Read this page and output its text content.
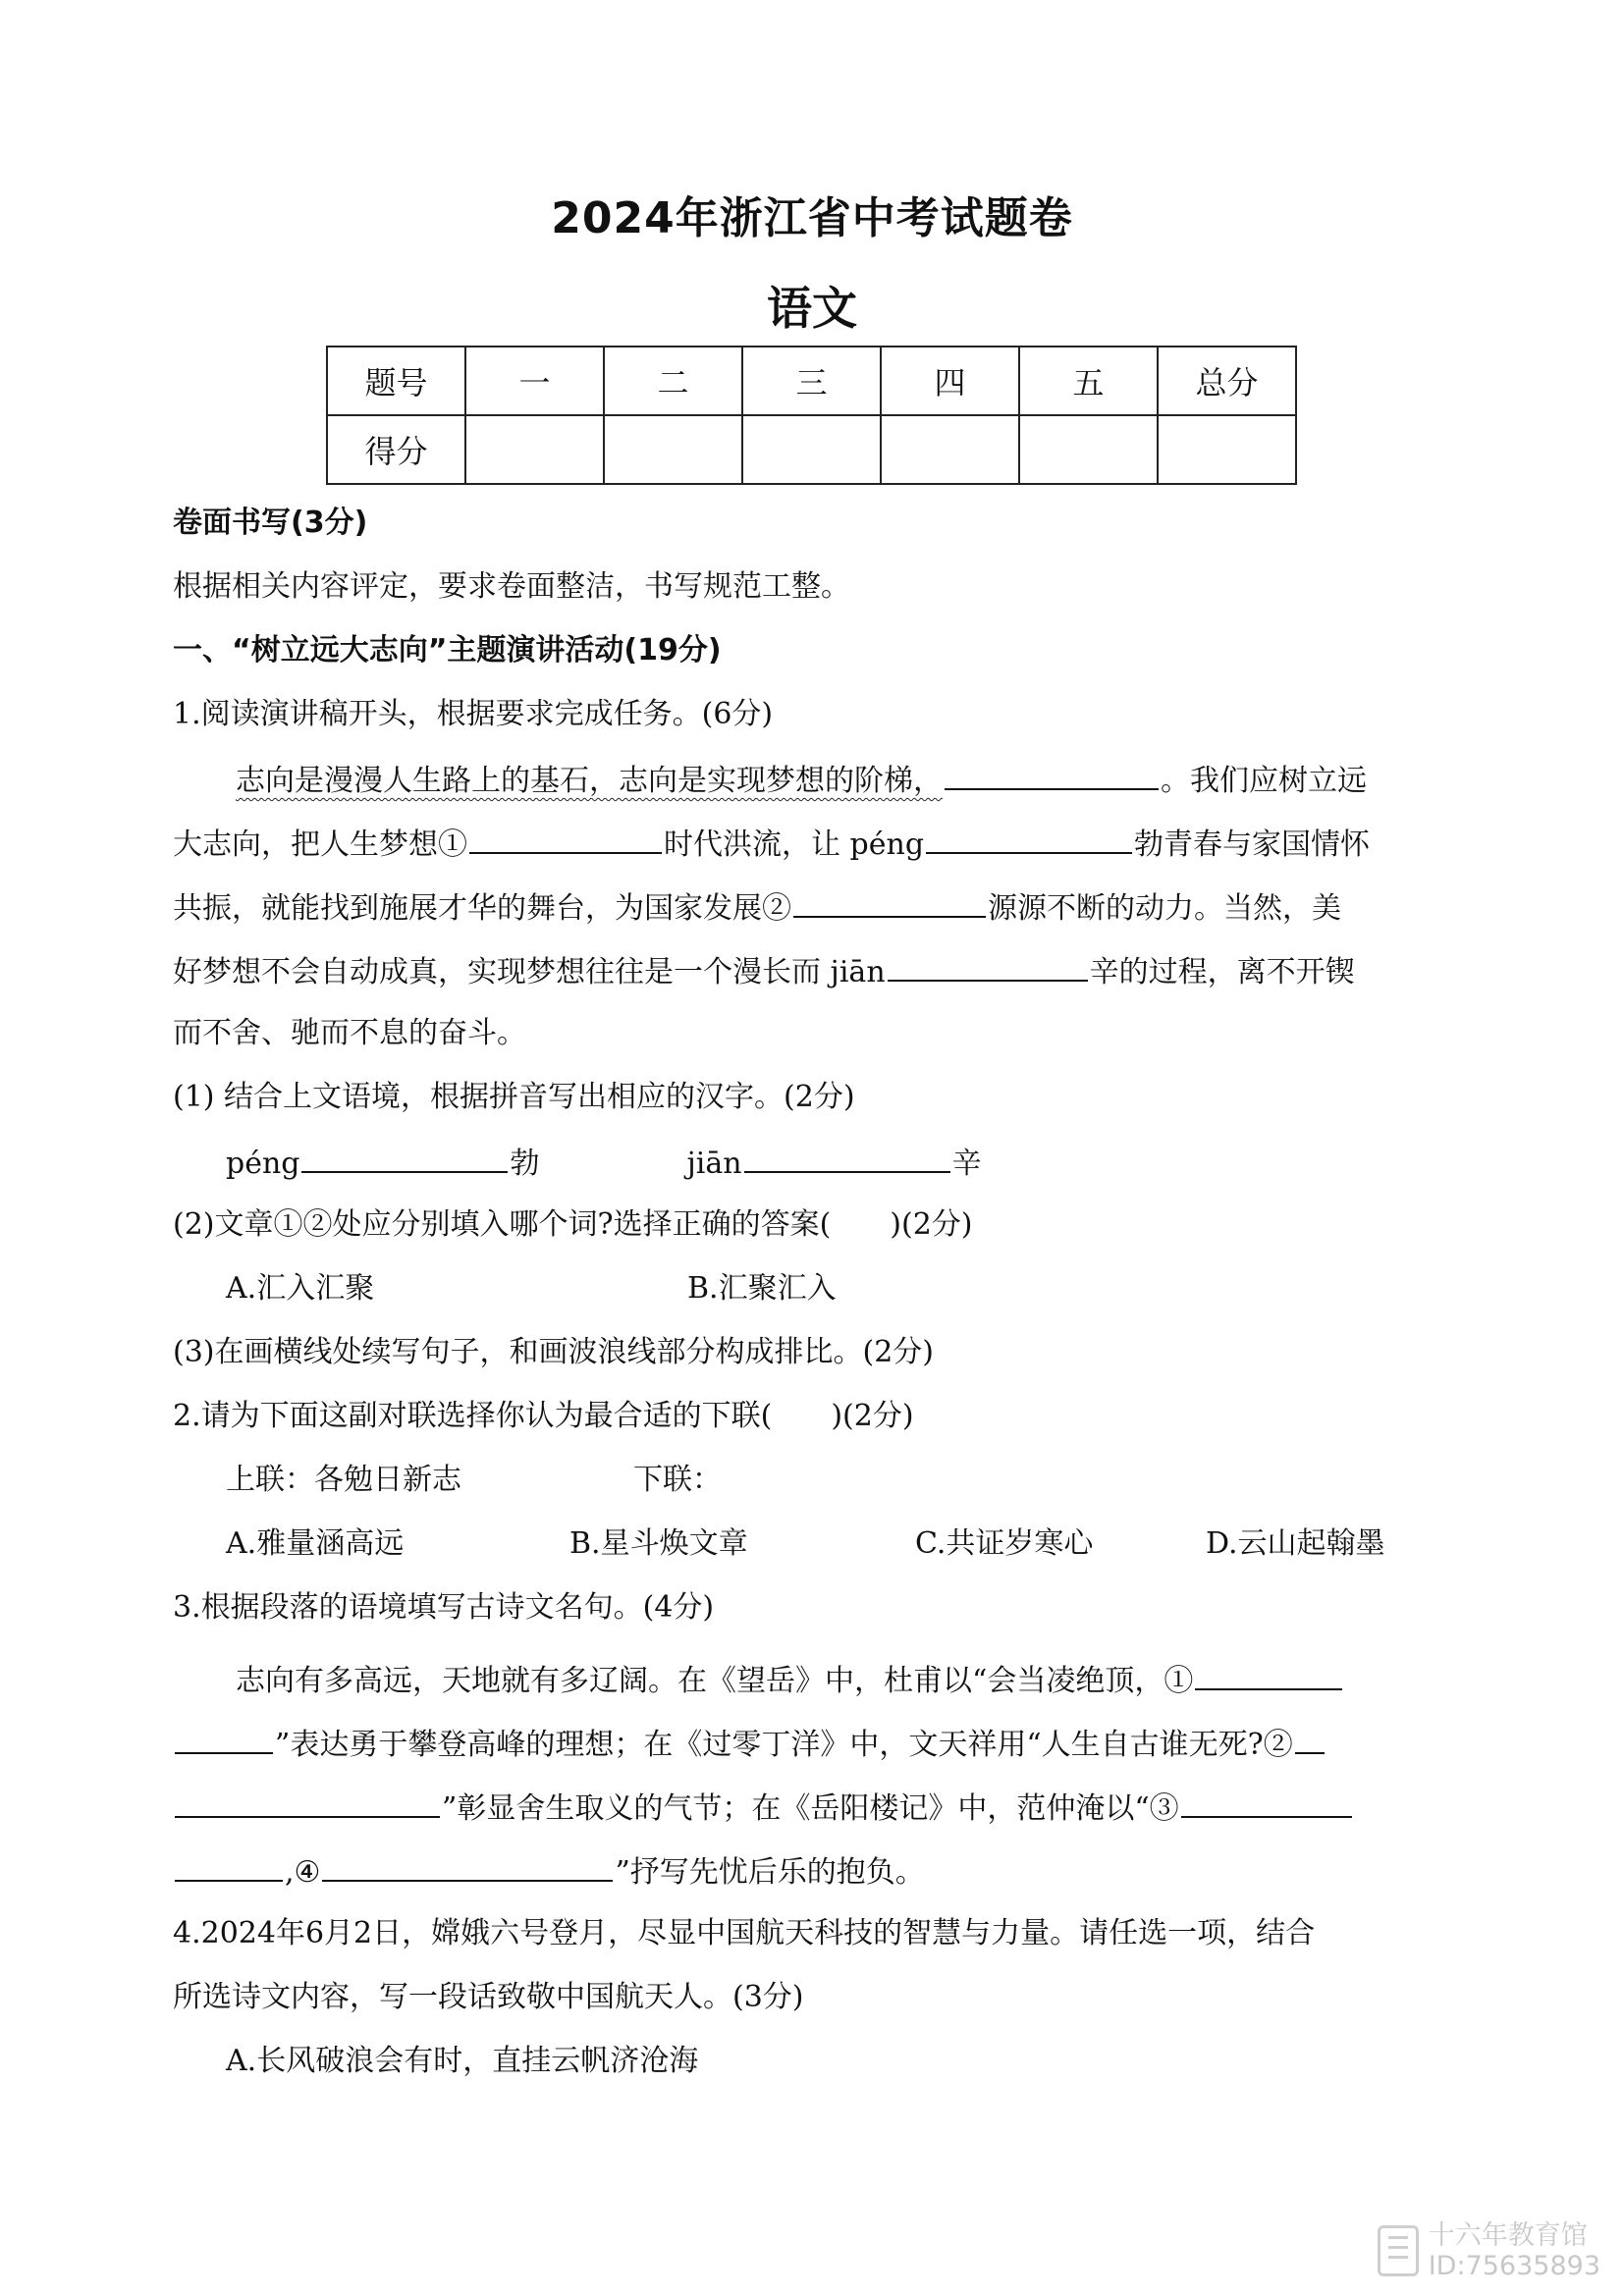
2024年浙江省中考试题卷
语文
题号	一	二	三	四	五	总分
得分						
卷面书写(3分)
根据相关内容评定，要求卷面整洁，书写规范工整。
一、“树立远大志向”主题演讲活动(19分)
1.阅读演讲稿开头，根据要求完成任务。(6分)
志向是漫漫人生路上的基石，志向是实现梦想的阶梯，	。我们应树立远
大志向，把人生梦想①	时代洪流，让 péng	勃青春与家国情怀
共振，就能找到施展才华的舞台，为国家发展②	源源不断的动力。当然，美
好梦想不会自动成真，实现梦想往往是一个漫长而 jiān	辛的过程，离不开锲
而不舍、驰而不息的奋斗。
(1) 结合上文语境，根据拼音写出相应的汉字。(2分)
péng	勃	jiān	辛
(2)文章①②处应分别填入哪个词?选择正确的答案(　　)(2分)
A.汇入汇聚	B.汇聚汇入
(3)在画横线处续写句子，和画波浪线部分构成排比。(2分)
2.请为下面这副对联选择你认为最合适的下联(　　)(2分)
上联：各勉日新志	下联：
A.雅量涵高远	B.星斗焕文章	C.共证岁寒心	D.云山起翰墨
3.根据段落的语境填写古诗文名句。(4分)
志向有多高远，天地就有多辽阔。在《望岳》中，杜甫以“会当凌绝顶，①
”表达勇于攀登高峰的理想；在《过零丁洋》中，文天祥用“人生自古谁无死?②
”彰显舍生取义的气节；在《岳阳楼记》中，范仲淹以“③
,④	”抒写先忧后乐的抱负。
4.2024年6月2日，嫦娥六号登月，尽显中国航天科技的智慧与力量。请任选一项，结合
所选诗文内容，写一段话致敬中国航天人。(3分)
A.长风破浪会有时，直挂云帆济沧海
十六年教育馆
ID:75635893
